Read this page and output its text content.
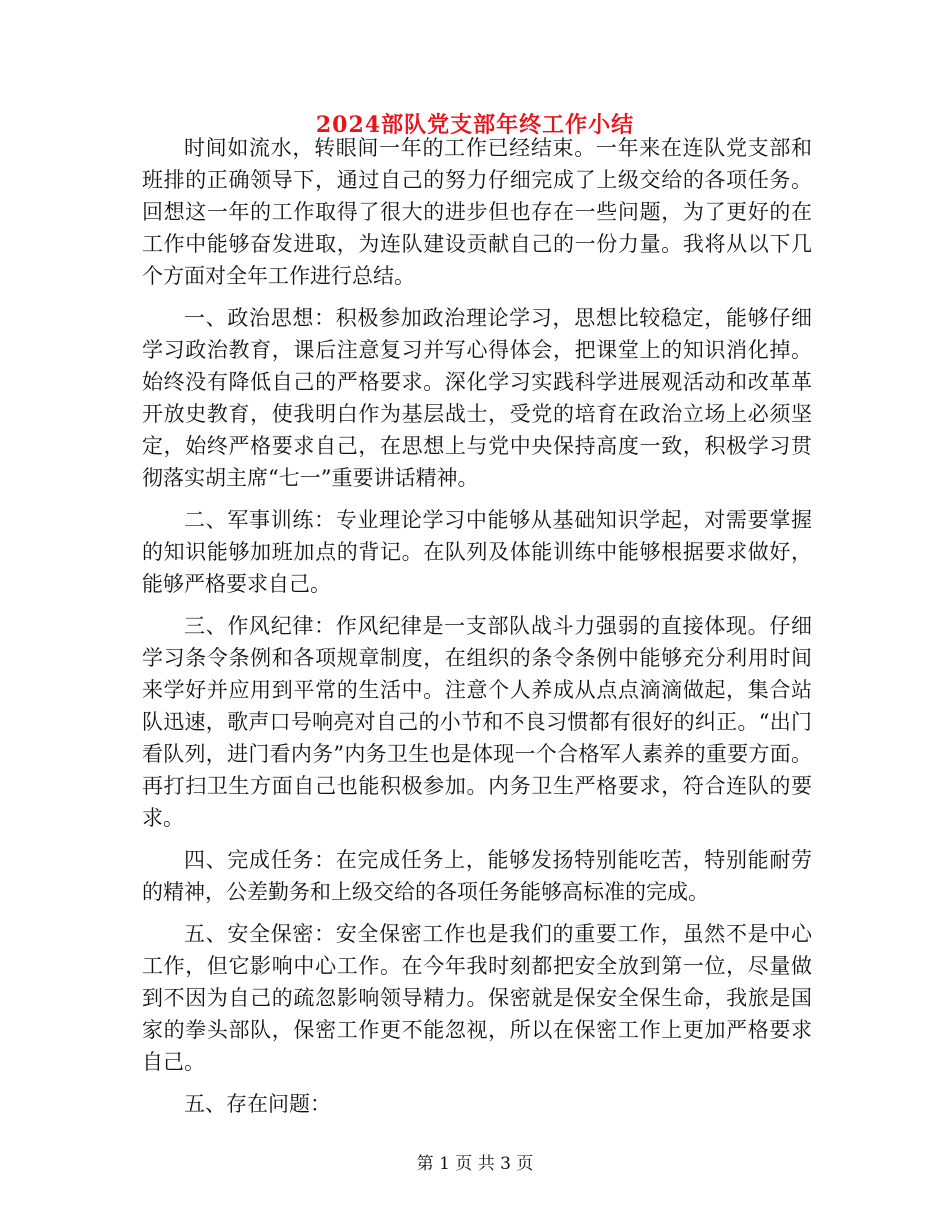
2024部队党支部年终工作小结

时间如流水，转眼间一年的工作已经结束。一年来在连队党支部和班排的正确领导下，通过自己的努力仔细完成了上级交给的各项任务。回想这一年的工作取得了很大的进步但也存在一些问题，为了更好的在工作中能够奋发进取，为连队建设贡献自己的一份力量。我将从以下几个方面对全年工作进行总结。

一、政治思想：积极参加政治理论学习，思想比较稳定，能够仔细学习政治教育，课后注意复习并写心得体会，把课堂上的知识消化掉。始终没有降低自己的严格要求。深化学习实践科学进展观活动和改革革开放史教育，使我明白作为基层战士，受党的培育在政治立场上必须坚定，始终严格要求自己，在思想上与党中央保持高度一致，积极学习贯彻落实胡主席“七一”重要讲话精神。

二、军事训练：专业理论学习中能够从基础知识学起，对需要掌握的知识能够加班加点的背记。在队列及体能训练中能够根据要求做好，能够严格要求自己。

三、作风纪律：作风纪律是一支部队战斗力强弱的直接体现。仔细学习条令条例和各项规章制度，在组织的条令条例中能够充分利用时间来学好并应用到平常的生活中。注意个人养成从点点滴滴做起，集合站队迅速，歌声口号响亮对自己的小节和不良习惯都有很好的纠正。“出门看队列，进门看内务”内务卫生也是体现一个合格军人素养的重要方面。再打扫卫生方面自己也能积极参加。内务卫生严格要求，符合连队的要求。

四、完成任务：在完成任务上，能够发扬特别能吃苦，特别能耐劳的精神，公差勤务和上级交给的各项任务能够高标准的完成。

五、安全保密：安全保密工作也是我们的重要工作，虽然不是中心工作，但它影响中心工作。在今年我时刻都把安全放到第一位，尽量做到不因为自己的疏忽影响领导精力。保密就是保安全保生命，我旅是国家的拳头部队，保密工作更不能忽视，所以在保密工作上更加严格要求自己。

五、存在问题：

第 1 页 共 3 页
